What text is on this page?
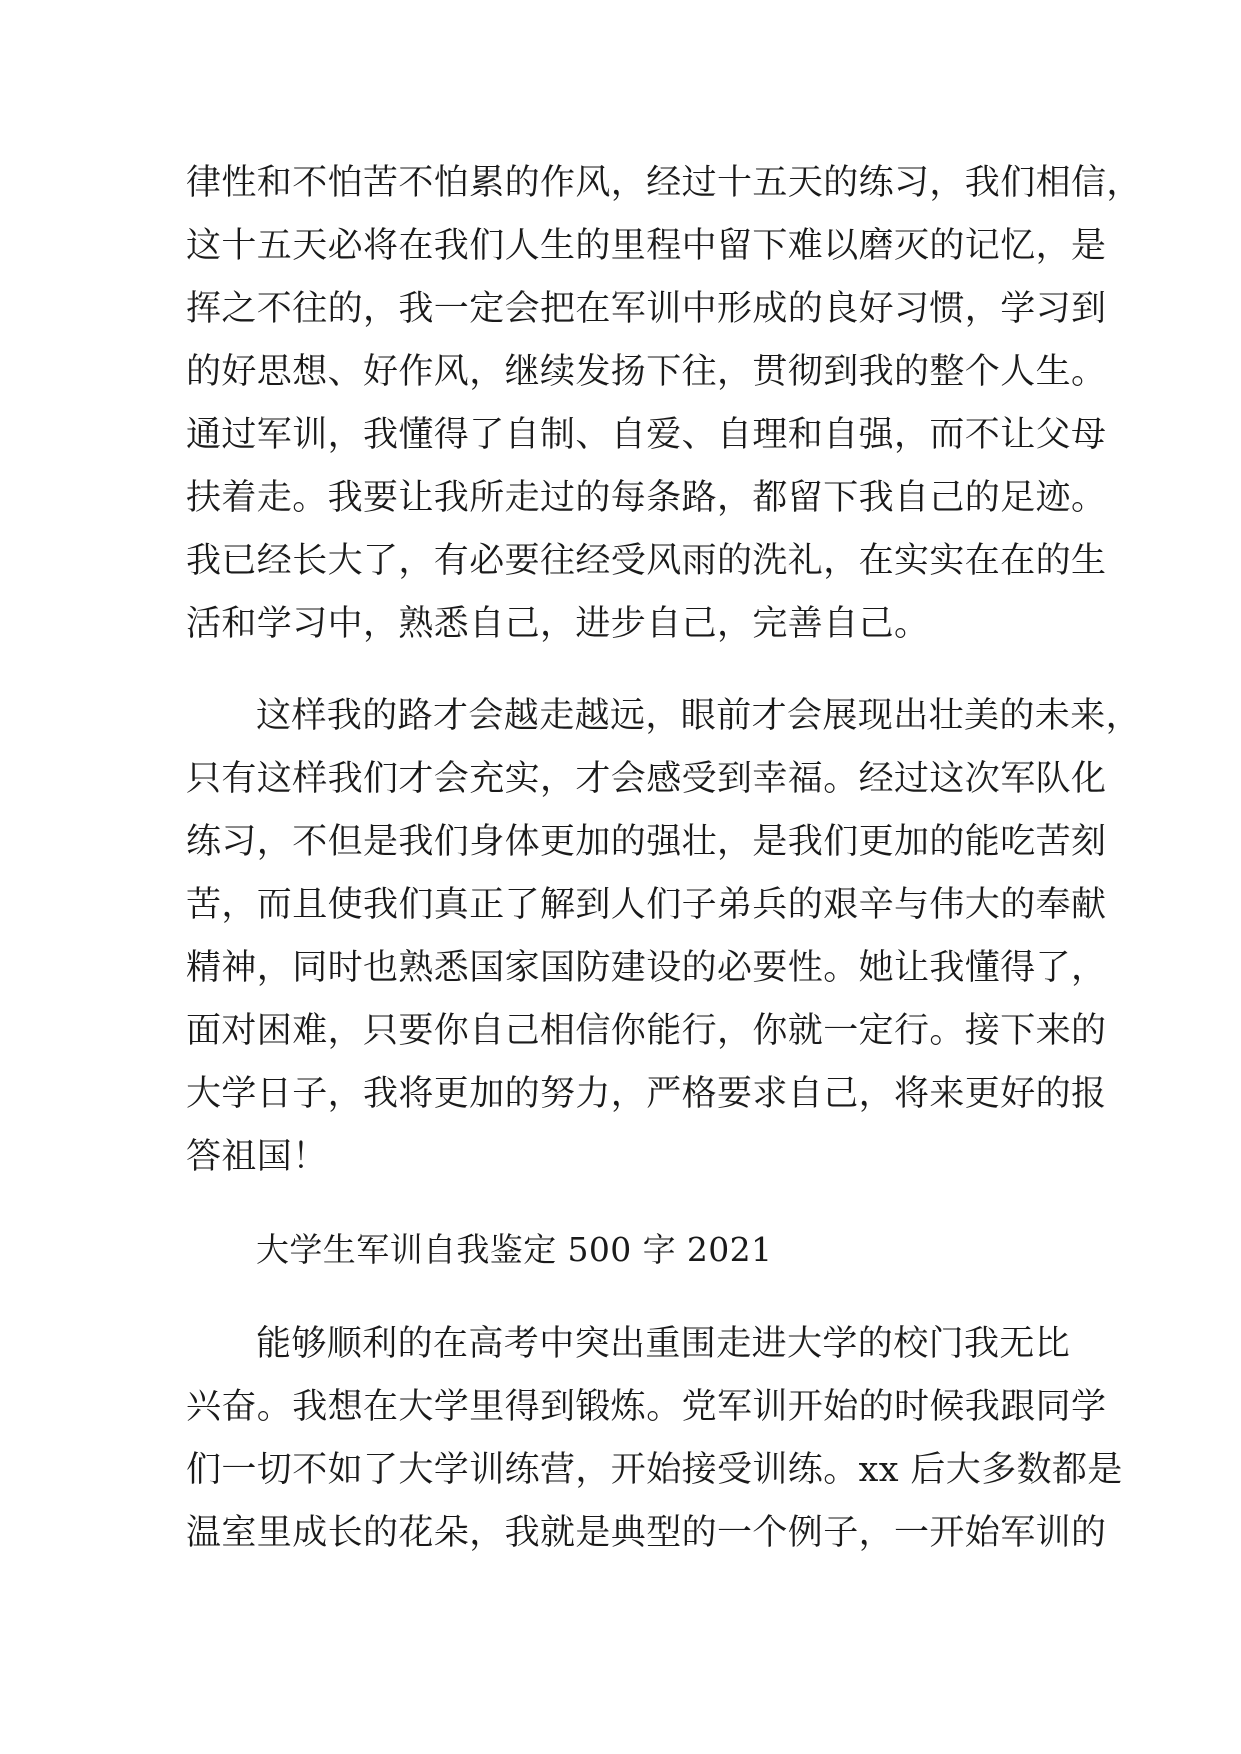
律性和不怕苦不怕累的作风，经过十五天的练习，我们相信，
这十五天必将在我们人生的里程中留下难以磨灭的记忆，是
挥之不往的，我一定会把在军训中形成的良好习惯，学习到
的好思想、好作风，继续发扬下往，贯彻到我的整个人生。
通过军训，我懂得了自制、自爱、自理和自强，而不让父母
扶着走。我要让我所走过的每条路，都留下我自己的足迹。
我已经长大了，有必要往经受风雨的洗礼，在实实在在的生
活和学习中，熟悉自己，进步自己，完善自己。
这样我的路才会越走越远，眼前才会展现出壮美的未来，
只有这样我们才会充实，才会感受到幸福。经过这次军队化
练习，不但是我们身体更加的强壮，是我们更加的能吃苦刻
苦，而且使我们真正了解到人们子弟兵的艰辛与伟大的奉献
精神，同时也熟悉国家国防建设的必要性。她让我懂得了，
面对困难，只要你自己相信你能行，你就一定行。接下来的
大学日子，我将更加的努力，严格要求自己，将来更好的报
答祖国！
大学生军训自我鉴定 500 字 2021
能够顺利的在高考中突出重围走进大学的校门我无比
兴奋。我想在大学里得到锻炼。党军训开始的时候我跟同学
们一切不如了大学训练营，开始接受训练。xx 后大多数都是
温室里成长的花朵，我就是典型的一个例子，一开始军训的
